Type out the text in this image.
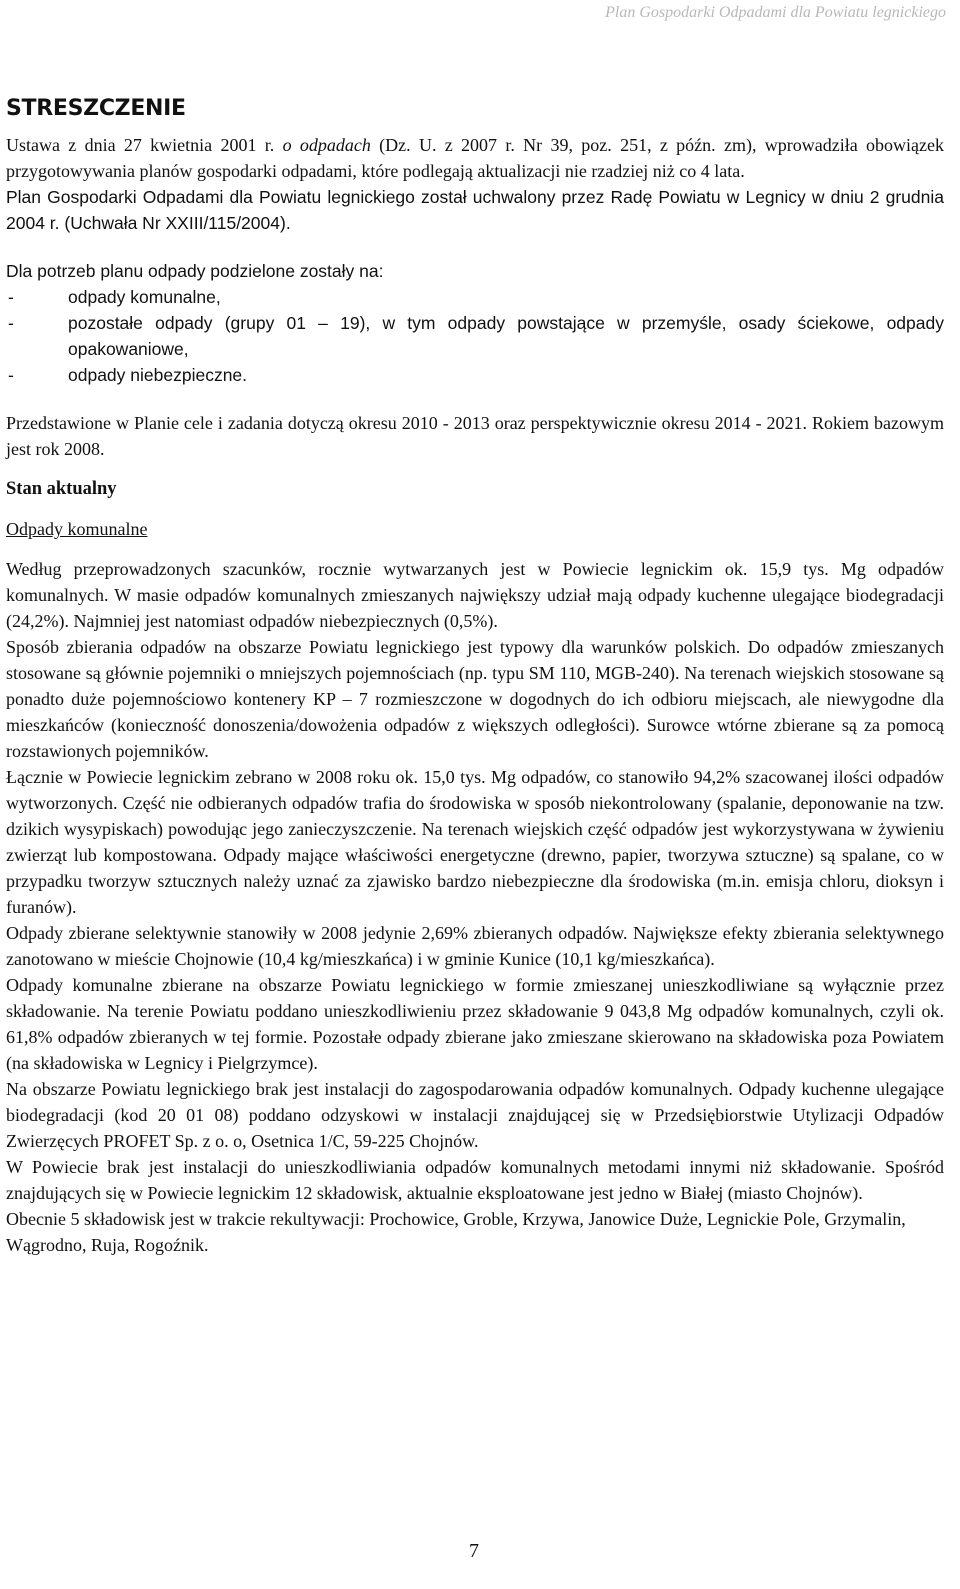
Plan Gospodarki Odpadami dla Powiatu legnickiego
STRESZCZENIE

Ustawa z dnia 27 kwietnia 2001 r. o odpadach (Dz. U. z 2007 r. Nr 39, poz. 251, z późn. zm), wprowadziła obowiązek przygotowywania planów gospodarki odpadami, które podlegają aktualizacji nie rzadziej niż co 4 lata.

Plan Gospodarki Odpadami dla Powiatu legnickiego został uchwalony przez Radę Powiatu w Legnicy w dniu 2 grudnia 2004 r. (Uchwała Nr XXIII/115/2004).

Dla potrzeb planu odpady podzielone zostały na:

-	odpady komunalne,
-	pozostałe odpady (grupy 01 – 19), w tym odpady powstające w przemyśle, osady ściekowe, odpady opakowaniowe,
-	odpady niebezpieczne.

Przedstawione w Planie cele i zadania dotyczą okresu 2010 - 2013 oraz perspektywicznie okresu 2014 - 2021. Rokiem bazowym jest rok 2008.

Stan aktualny

Odpady komunalne

Według przeprowadzonych szacunków, rocznie wytwarzanych jest w Powiecie legnickim ok. 15,9 tys. Mg odpadów komunalnych. W masie odpadów komunalnych zmieszanych największy udział mają odpady kuchenne ulegające biodegradacji (24,2%). Najmniej jest natomiast odpadów niebezpiecznych (0,5%).

Sposób zbierania odpadów na obszarze Powiatu legnickiego jest typowy dla warunków polskich. Do odpadów zmieszanych stosowane są głównie pojemniki o mniejszych pojemnościach (np. typu SM 110, MGB-240). Na terenach wiejskich stosowane są ponadto duże pojemnościowo kontenery KP – 7 rozmieszczone w dogodnych do ich odbioru miejscach, ale niewygodne dla mieszkańców (konieczność donoszenia/dowożenia odpadów z większych odległości). Surowce wtórne zbierane są za pomocą rozstawionych pojemników.

Łącznie w Powiecie legnickim zebrano w 2008 roku ok. 15,0 tys. Mg odpadów, co stanowiło 94,2% szacowanej ilości odpadów wytworzonych. Część nie odbieranych odpadów trafia do środowiska w sposób niekontrolowany (spalanie, deponowanie na tzw. dzikich wysypiskach) powodując jego zanieczyszczenie. Na terenach wiejskich część odpadów jest wykorzystywana w żywieniu zwierząt lub kompostowana. Odpady mające właściwości energetyczne (drewno, papier, tworzywa sztuczne) są spalane, co w przypadku tworzyw sztucznych należy uznać za zjawisko bardzo niebezpieczne dla środowiska (m.in. emisja chloru, dioksyn i furanów).

Odpady zbierane selektywnie stanowiły w 2008 jedynie 2,69% zbieranych odpadów. Największe efekty zbierania selektywnego zanotowano w mieście Chojnowie (10,4 kg/mieszkańca) i w gminie Kunice (10,1 kg/mieszkańca).

Odpady komunalne zbierane na obszarze Powiatu legnickiego w formie zmieszanej unieszkodliwiane są wyłącznie przez składowanie. Na terenie Powiatu poddano unieszkodliwieniu przez składowanie 9 043,8 Mg odpadów komunalnych, czyli ok. 61,8% odpadów zbieranych w tej formie. Pozostałe odpady zbierane jako zmieszane skierowano na składowiska poza Powiatem (na składowiska w Legnicy i Pielgrzymce).

Na obszarze Powiatu legnickiego brak jest instalacji do zagospodarowania odpadów komunalnych. Odpady kuchenne ulegające biodegradacji (kod 20 01 08) poddano odzyskowi w instalacji znajdującej się w Przedsiębiorstwie Utylizacji Odpadów Zwierzęcych PROFET Sp. z o. o, Osetnica 1/C, 59-225 Chojnów.

W Powiecie brak jest instalacji do unieszkodliwiania odpadów komunalnych metodami innymi niż składowanie. Spośród znajdujących się w Powiecie legnickim 12 składowisk, aktualnie eksploatowane jest jedno w Białej (miasto Chojnów).

Obecnie 5 składowisk jest w trakcie rekultywacji: Prochowice, Groble, Krzywa, Janowice Duże, Legnickie Pole, Grzymalin, Wągrodno, Ruja, Rogoźnik.

7
